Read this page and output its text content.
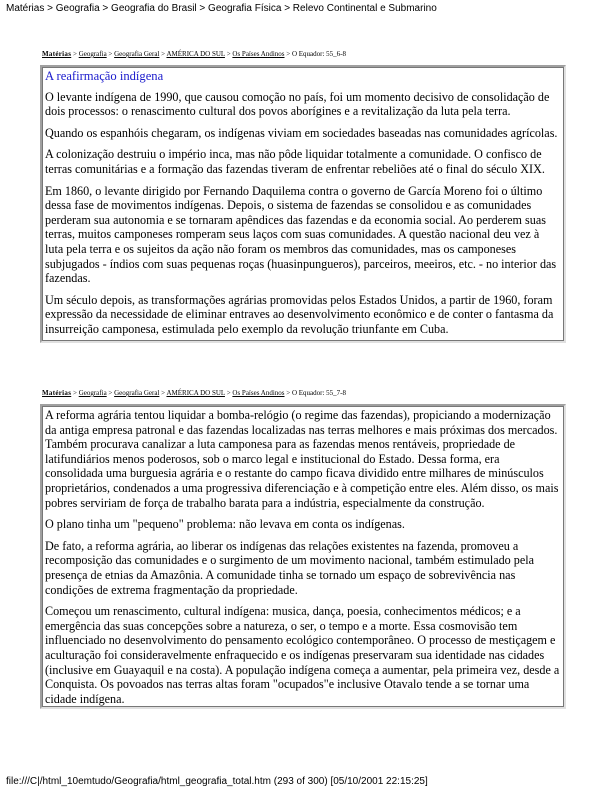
Matérias > Geografia > Geografia do Brasil > Geografia Física > Relevo Continental e Submarino
Matérias > Geografia > Geografia Geral > AMÉRICA DO SUL > Os Países Andinos > O Equador: 55_6-8

A reafirmação indígena

O levante indígena de 1990, que causou comoção no país, foi um momento decisivo de consolidação de dois processos: o renascimento cultural dos povos aborígines e a revitalização da luta pela terra.

Quando os espanhóis chegaram, os indígenas viviam em sociedades baseadas nas comunidades agrícolas.

A colonização destruiu o império inca, mas não pôde liquidar totalmente a comunidade. O confisco de terras comunitárias e a formação das fazendas tiveram de enfrentar rebeliões até o final do século XIX.

Em 1860, o levante dirigido por Fernando Daquilema contra o governo de García Moreno foi o último dessa fase de movimentos indígenas. Depois, o sistema de fazendas se consolidou e as comunidades perderam sua autonomia e se tornaram apêndices das fazendas e da economia social. Ao perderem suas terras, muitos camponeses romperam seus laços com suas comunidades. A questão nacional deu vez à luta pela terra e os sujeitos da ação não foram os membros das comunidades, mas os camponeses subjugados - índios com suas pequenas roças (huasinpungueros), parceiros, meeiros, etc. - no interior das fazendas.

Um século depois, as transformações agrárias promovidas pelos Estados Unidos, a partir de 1960, foram expressão da necessidade de eliminar entraves ao desenvolvimento econômico e de conter o fantasma da insurreição camponesa, estimulada pelo exemplo da revolução triunfante em Cuba.

Matérias > Geografia > Geografia Geral > AMÉRICA DO SUL > Os Países Andinos > O Equador: 55_7-8

A reforma agrária tentou liquidar a bomba-relógio (o regime das fazendas), propiciando a modernização da antiga empresa patronal e das fazendas localizadas nas terras melhores e mais próximas dos mercados. Também procurava canalizar a luta camponesa para as fazendas menos rentáveis, propriedade de latifundiários menos poderosos, sob o marco legal e institucional do Estado. Dessa forma, era consolidada uma burguesia agrária e o restante do campo ficava dividido entre milhares de minúsculos proprietários, condenados a uma progressiva diferenciação e à competição entre eles. Além disso, os mais pobres serviriam de força de trabalho barata para a indústria, especialmente da construção.

O plano tinha um "pequeno" problema: não levava em conta os indígenas.

De fato, a reforma agrária, ao liberar os indígenas das relações existentes na fazenda, promoveu a recomposição das comunidades e o surgimento de um movimento nacional, também estimulado pela presença de etnias da Amazônia. A comunidade tinha se tornado um espaço de sobrevivência nas condições de extrema fragmentação da propriedade.

Começou um renascimento, cultural indígena: musica, dança, poesia, conhecimentos médicos; e a emergência das suas concepções sobre a natureza, o ser, o tempo e a morte. Essa cosmovisão tem influenciado no desenvolvimento do pensamento ecológico contemporâneo. O processo de mestiçagem e aculturação foi consideravelmente enfraquecido e os indígenas preservaram sua identidade nas cidades (inclusive em Guayaquil e na costa). A população indígena começa a aumentar, pela primeira vez, desde a Conquista. Os povoados nas terras altas foram "ocupados"e inclusive Otavalo tende a se tornar uma cidade indígena.

file:///C|/html_10emtudo/Geografia/html_geografia_total.htm (293 of 300) [05/10/2001 22:15:25]
